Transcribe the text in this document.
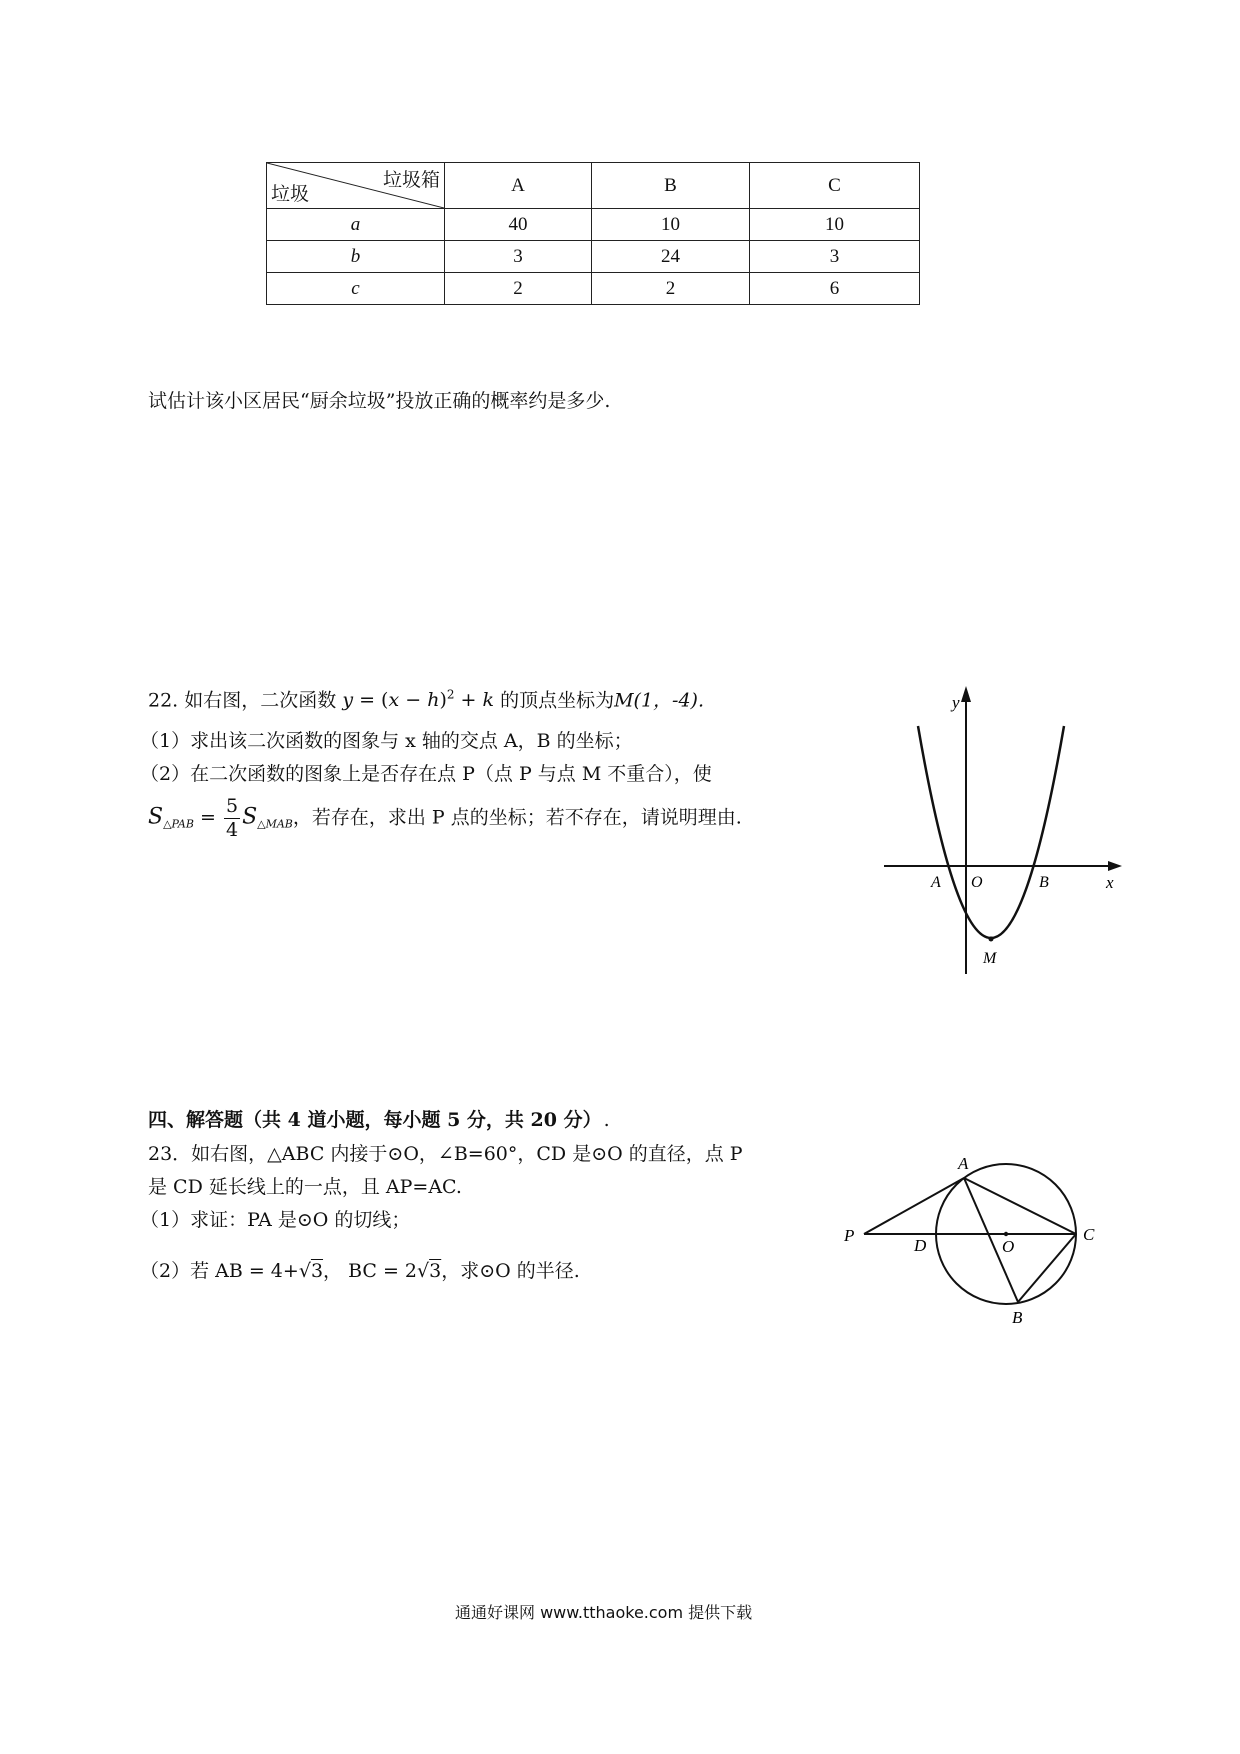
垃圾箱
垃圾	A	B	C
a	40	10	10
b	3	24	3
c	2	2	6
试估计该小区居民“厨余垃圾”投放正确的概率约是多少.
22. 如右图，二次函数 $y = (x - h)^2 + k$ 的顶点坐标为M(1，-4).
（1）求出该二次函数的图象与 x 轴的交点 A，B 的坐标；
（2）在二次函数的图象上是否存在点 P（点 P 与点 M 不重合），使
$S_{\triangle PAB} = \frac{5}{4} S_{\triangle MAB}$，若存在，求出 P 点的坐标；若不存在，请说明理由.
y
x
A O	B
M
四、解答题（共 4 道小题，每小题 5 分，共 20 分） .
23．如右图，△ABC 内接于⊙O，∠B=60°，CD 是⊙O 的直径，点 P
是 CD 延长线上的一点，且 AP=AC.
（1）求证：PA 是⊙O 的切线；
（2）若 AB = 4+√3， BC = 2√3，求⊙O 的半径.
A
P
D	O
C
B
通通好课网 www.tthaoke.com 提供下载
